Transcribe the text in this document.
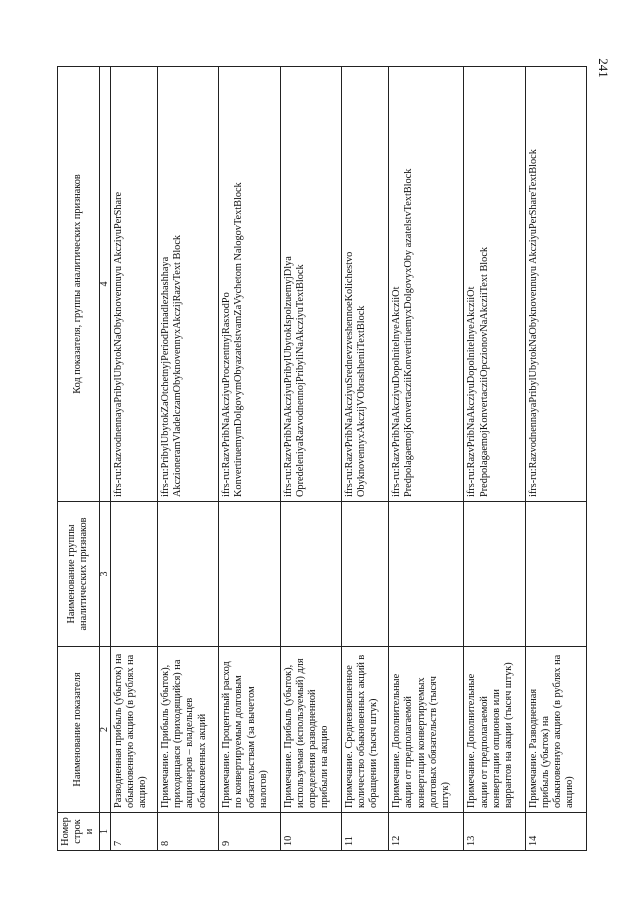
241
Номер строки	Наименование показателя	Наименование группы аналитических признаков	Код показателя, группы аналитических признаков
1	2	3	4
7	Разводненная прибыль (убыток) на обыкновенную акцию (в рублях на акцию)		ifrs-ru:RazvodnennayaPribylUbytokNaObyknovennuyu AkcziyuPerShare
8	Примечание. Прибыль (убыток), приходящаяся (приходящийся) на акционеров – владельцев обыкновенных акций		ifrs-ru:PribylUbytokZaOtchetnyjPeriodPrinadlezhashhaya AkczioneramVladelczamObyknovennyxAkczijRazvText Block
9	Примечание. Процентный расход по конвертируемым долговым обязательствам (за вычетом налогов)		ifrs-ru:RazvPribNaAkcziyuProczentnyjRasxodPo KonvertiruemymDolgovymObyazatelstvamZaVychetom NalogovTextBlock
10	Примечание. Прибыль (убыток), используемая (используемый) для определения разводненной прибыли на акцию		ifrs-ru:RazvPribNaAkcziyuPribylUbytokIspolzuemyjDlya OpredeleniyaRazvodnennojPribyliNaAkcziyuTextBlock
11	Примечание. Средневзвешенное количество обыкновенных акций в обращении (тысяч штук)		ifrs-ru:RazvPribNaAkcziyuSrednevzveshennoeKolichestvo ObyknovennyxAkczijVObrashheniiTextBlock
12	Примечание. Дополнительные акции от предполагаемой конвертации конвертируемых долговых обязательств (тысяч штук)		ifrs-ru:RazvPribNaAkcziyuDopolnitelnyeAkcziiOt PredpolagaemojKonvertacziiKonvertiruemyxDolgovyxOby azatelstvTextBlock
13	Примечание. Дополнительные акции от предполагаемой конвертации опционов или варрантов на акции (тысяч штук)		ifrs-ru:RazvPribNaAkcziyuDopolnitelnyeAkcziiOt PredpolagaemojKonvertacziiOpczionovNaAkcziiText Block
14	Примечание. Разводненная прибыль (убыток) на обыкновенную акцию (в рублях на акцию)		ifrs-ru:RazvodnennayaPribylUbytokNaObyknovennuyu AkcziyuPerShareTextBlock
